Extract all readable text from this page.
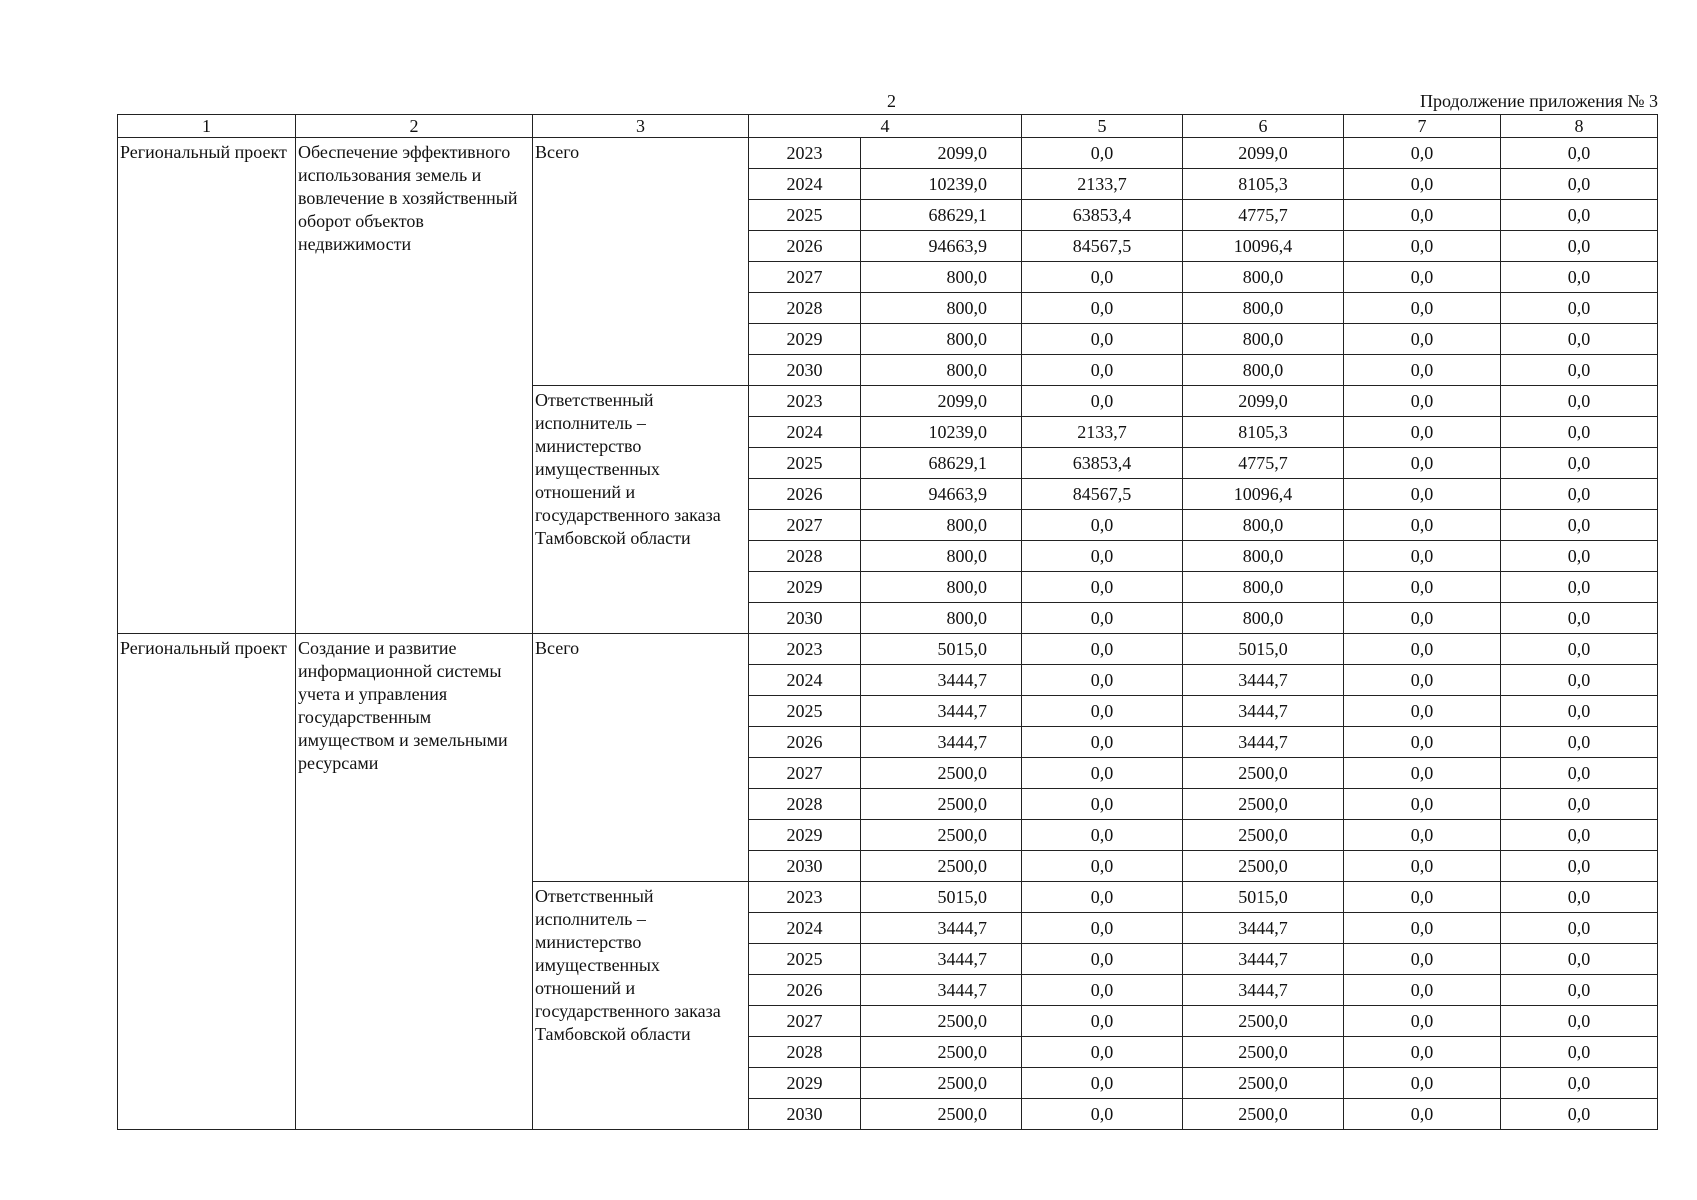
2	Продолжение приложения № 3
1	2	3	4		5	6	7	8
Региональный проект	Обеспечение эффективного использования земель и вовлечение в хозяйственный оборот объектов недвижимости	Всего	2023	2099,0	0,0	2099,0	0,0	0,0
			2024	10239,0	2133,7	8105,3	0,0	0,0
			2025	68629,1	63853,4	4775,7	0,0	0,0
			2026	94663,9	84567,5	10096,4	0,0	0,0
			2027	800,0	0,0	800,0	0,0	0,0
			2028	800,0	0,0	800,0	0,0	0,0
			2029	800,0	0,0	800,0	0,0	0,0
			2030	800,0	0,0	800,0	0,0	0,0
		Ответственный исполнитель – министерство имущественных отношений и государственного заказа Тамбовской области	2023	2099,0	0,0	2099,0	0,0	0,0
			2024	10239,0	2133,7	8105,3	0,0	0,0
			2025	68629,1	63853,4	4775,7	0,0	0,0
			2026	94663,9	84567,5	10096,4	0,0	0,0
			2027	800,0	0,0	800,0	0,0	0,0
			2028	800,0	0,0	800,0	0,0	0,0
			2029	800,0	0,0	800,0	0,0	0,0
			2030	800,0	0,0	800,0	0,0	0,0
Региональный проект	Создание и развитие информационной системы учета и управления государственным имуществом и земельными ресурсами	Всего	2023	5015,0	0,0	5015,0	0,0	0,0
			2024	3444,7	0,0	3444,7	0,0	0,0
			2025	3444,7	0,0	3444,7	0,0	0,0
			2026	3444,7	0,0	3444,7	0,0	0,0
			2027	2500,0	0,0	2500,0	0,0	0,0
			2028	2500,0	0,0	2500,0	0,0	0,0
			2029	2500,0	0,0	2500,0	0,0	0,0
			2030	2500,0	0,0	2500,0	0,0	0,0
		Ответственный исполнитель – министерство имущественных отношений и государственного заказа Тамбовской области	2023	5015,0	0,0	5015,0	0,0	0,0
			2024	3444,7	0,0	3444,7	0,0	0,0
			2025	3444,7	0,0	3444,7	0,0	0,0
			2026	3444,7	0,0	3444,7	0,0	0,0
			2027	2500,0	0,0	2500,0	0,0	0,0
			2028	2500,0	0,0	2500,0	0,0	0,0
			2029	2500,0	0,0	2500,0	0,0	0,0
			2030	2500,0	0,0	2500,0	0,0	0,0
